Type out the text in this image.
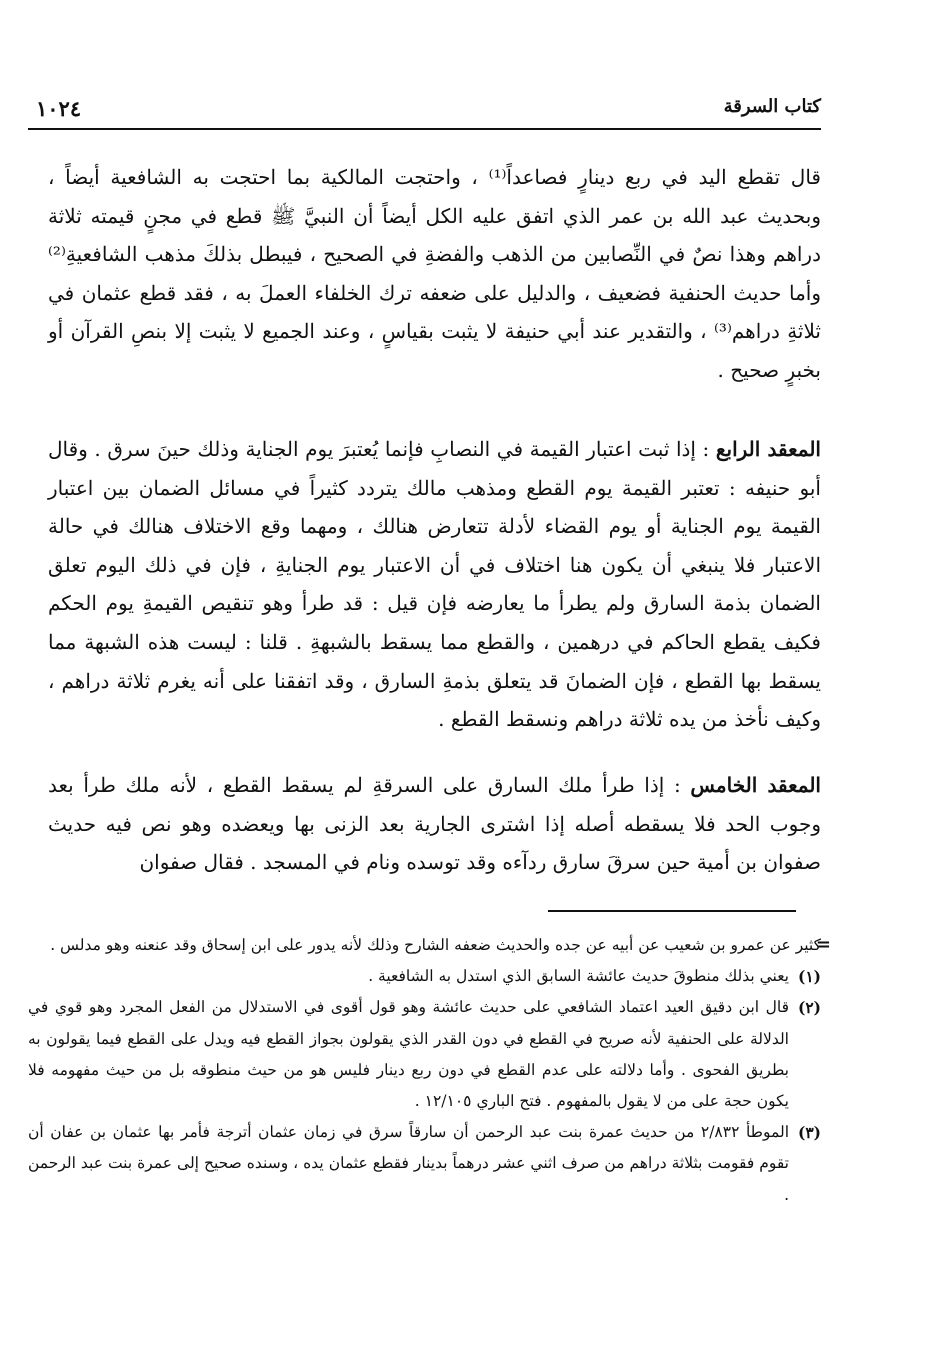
١٠٢٤	كتاب السرقة

قال تقطع اليد في ربع دينارٍ فصاعداً⁽¹⁾ ، واحتجت المالكية بما احتجت به الشافعية أيضاً ، وبحديث عبد الله بن عمر الذي اتفق عليه الكل أيضاً أن النبيَّ ﷺ قطع في مجنٍ قيمته ثلاثة دراهم وهذا نصٌ في النِّصابين من الذهب والفضةِ في الصحيح ، فيبطل بذلكَ مذهب الشافعيةِ⁽²⁾ وأما حديث الحنفية فضعيف ، والدليل على ضعفه ترك الخلفاء العملَ به ، فقد قطع عثمان في ثلاثةِ دراهم⁽³⁾ ، والتقدير عند أبي حنيفة لا يثبت بقياسٍ ، وعند الجميع لا يثبت إلا بنصِ القرآن أو بخبرٍ صحيح .

المعقد الرابع : إذا ثبت اعتبار القيمة في النصابِ فإنما يُعتبرَ يوم الجناية وذلك حينَ سرق . وقال أبو حنيفه : تعتبر القيمة يوم القطع ومذهب مالك يتردد كثيراً في مسائل الضمان بين اعتبار القيمة يوم الجناية أو يوم القضاء لأدلة تتعارض هنالك ، ومهما وقع الاختلاف هنالك في حالة الاعتبار فلا ينبغي أن يكون هنا اختلاف في أن الاعتبار يوم الجنايةِ ، فإن في ذلك اليوم تعلق الضمان بذمة السارق ولم يطرأ ما يعارضه فإن قيل : قد طرأ وهو تنقيص القيمةِ يوم الحكم فكيف يقطع الحاكم في درهمين ، والقطع مما يسقط بالشبهةِ . قلنا : ليست هذه الشبهة مما يسقط بها القطع ، فإن الضمانَ قد يتعلق بذمةِ السارق ، وقد اتفقنا على أنه يغرم ثلاثة دراهم ، وكيف نأخذ من يده ثلاثة دراهم ونسقط القطع .

المعقد الخامس : إذا طرأ ملك السارق على السرقةِ لم يسقط القطع ، لأنه ملك طرأ بعد وجوب الحد فلا يسقطه أصله إذا اشترى الجارية بعد الزنى بها ويعضده وهو نص فيه حديث صفوان بن أمية حين سرقَ سارق ردآءه وقد توسده ونام في المسجد . فقال صفوان

=

كثير عن عمرو بن شعيب عن أبيه عن جده والحديث ضعفه الشارح وذلك لأنه يدور على ابن إسحاق وقد عنعنه وهو مدلس .

(١)
يعني بذلك منطوقَ حديث عائشة السابق الذي استدل به الشافعية .

(٢)
قال ابن دقيق العيد اعتماد الشافعي على حديث عائشة وهو قول أقوى في الاستدلال من الفعل المجرد وهو قوي في الدلالة على الحنفية لأنه صريح في القطع في دون القدر الذي يقولون بجواز القطع فيه ويدل على القطع فيما يقولون به بطريق الفحوى . وأما دلالته على عدم القطع في دون ربع دينار فليس هو من حيث منطوقه بل من حيث مفهومه فلا يكون حجة على من لا يقول بالمفهوم . فتح الباري ١٢/١٠٥ .

(٣)
الموطأ ٢/٨٣٢ من حديث عمرة بنت عبد الرحمن أن سارقاً سرق في زمان عثمان أترجة فأمر بها عثمان بن عفان أن تقوم فقومت بثلاثة دراهم من صرف اثني عشر درهماً بدينار فقطع عثمان يده ، وسنده صحيح إلى عمرة بنت عبد الرحمن .
